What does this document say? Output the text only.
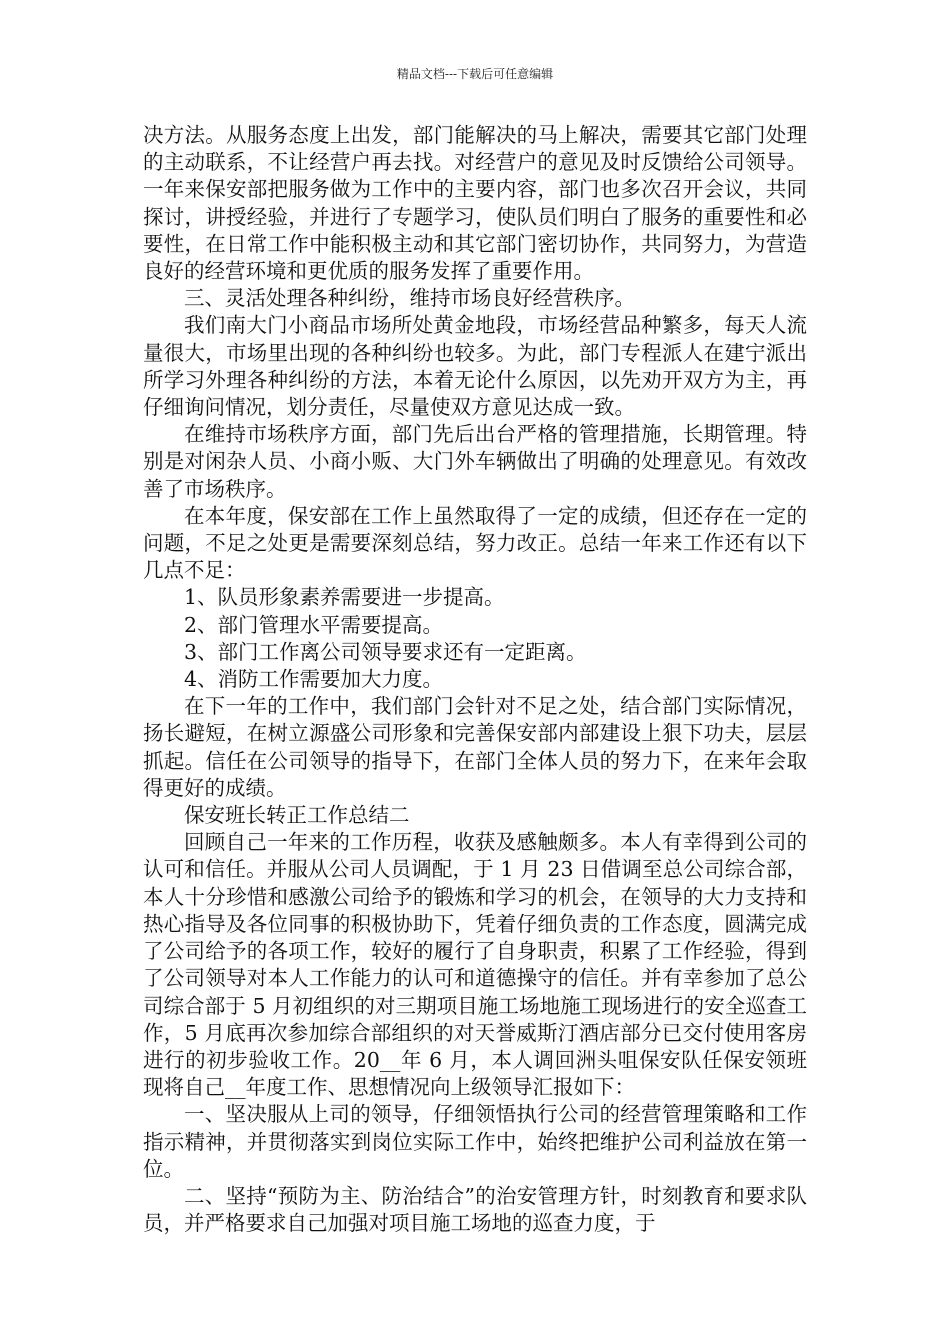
精品文档---下载后可任意编辑

决方法。从服务态度上出发，部门能解决的马上解决，需要其它部门处理的主动联系，不让经营户再去找。对经营户的意见及时反馈给公司领导。一年来保安部把服务做为工作中的主要内容，部门也多次召开会议，共同探讨，讲授经验，并进行了专题学习，使队员们明白了服务的重要性和必要性，在日常工作中能积极主动和其它部门密切协作，共同努力，为营造良好的经营环境和更优质的服务发挥了重要作用。

三、灵活处理各种纠纷，维持市场良好经营秩序。

我们南大门小商品市场所处黄金地段，市场经营品种繁多，每天人流量很大，市场里出现的各种纠纷也较多。为此，部门专程派人在建宁派出所学习外理各种纠纷的方法，本着无论什么原因，以先劝开双方为主，再仔细询问情况，划分责任，尽量使双方意见达成一致。

在维持市场秩序方面，部门先后出台严格的管理措施，长期管理。特别是对闲杂人员、小商小贩、大门外车辆做出了明确的处理意见。有效改善了市场秩序。

在本年度，保安部在工作上虽然取得了一定的成绩，但还存在一定的问题，不足之处更是需要深刻总结，努力改正。总结一年来工作还有以下几点不足：

1、队员形象素养需要进一步提高。

2、部门管理水平需要提高。

3、部门工作离公司领导要求还有一定距离。

4、消防工作需要加大力度。

在下一年的工作中，我们部门会针对不足之处，结合部门实际情况，扬长避短，在树立源盛公司形象和完善保安部内部建设上狠下功夫，层层抓起。信任在公司领导的指导下，在部门全体人员的努力下，在来年会取得更好的成绩。

保安班长转正工作总结二

回顾自己一年来的工作历程，收获及感触颇多。本人有幸得到公司的认可和信任。并服从公司人员调配，于 1 月 23 日借调至总公司综合部，本人十分珍惜和感激公司给予的锻炼和学习的机会，在领导的大力支持和热心指导及各位同事的积极协助下，凭着仔细负责的工作态度，圆满完成了公司给予的各项工作，较好的履行了自身职责，积累了工作经验，得到了公司领导对本人工作能力的认可和道德操守的信任。并有幸参加了总公司综合部于 5 月初组织的对三期项目施工场地施工现场进行的安全巡查工作，5 月底再次参加综合部组织的对天誉威斯汀酒店部分已交付使用客房进行的初步验收工作。20__年 6 月，本人调回洲头咀保安队任保安领班现将自己__年度工作、思想情况向上级领导汇报如下：

一、坚决服从上司的领导，仔细领悟执行公司的经营管理策略和工作指示精神，并贯彻落实到岗位实际工作中，始终把维护公司利益放在第一位。

二、坚持“预防为主、防治结合”的治安管理方针，时刻教育和要求队员，并严格要求自己加强对项目施工场地的巡查力度，于
